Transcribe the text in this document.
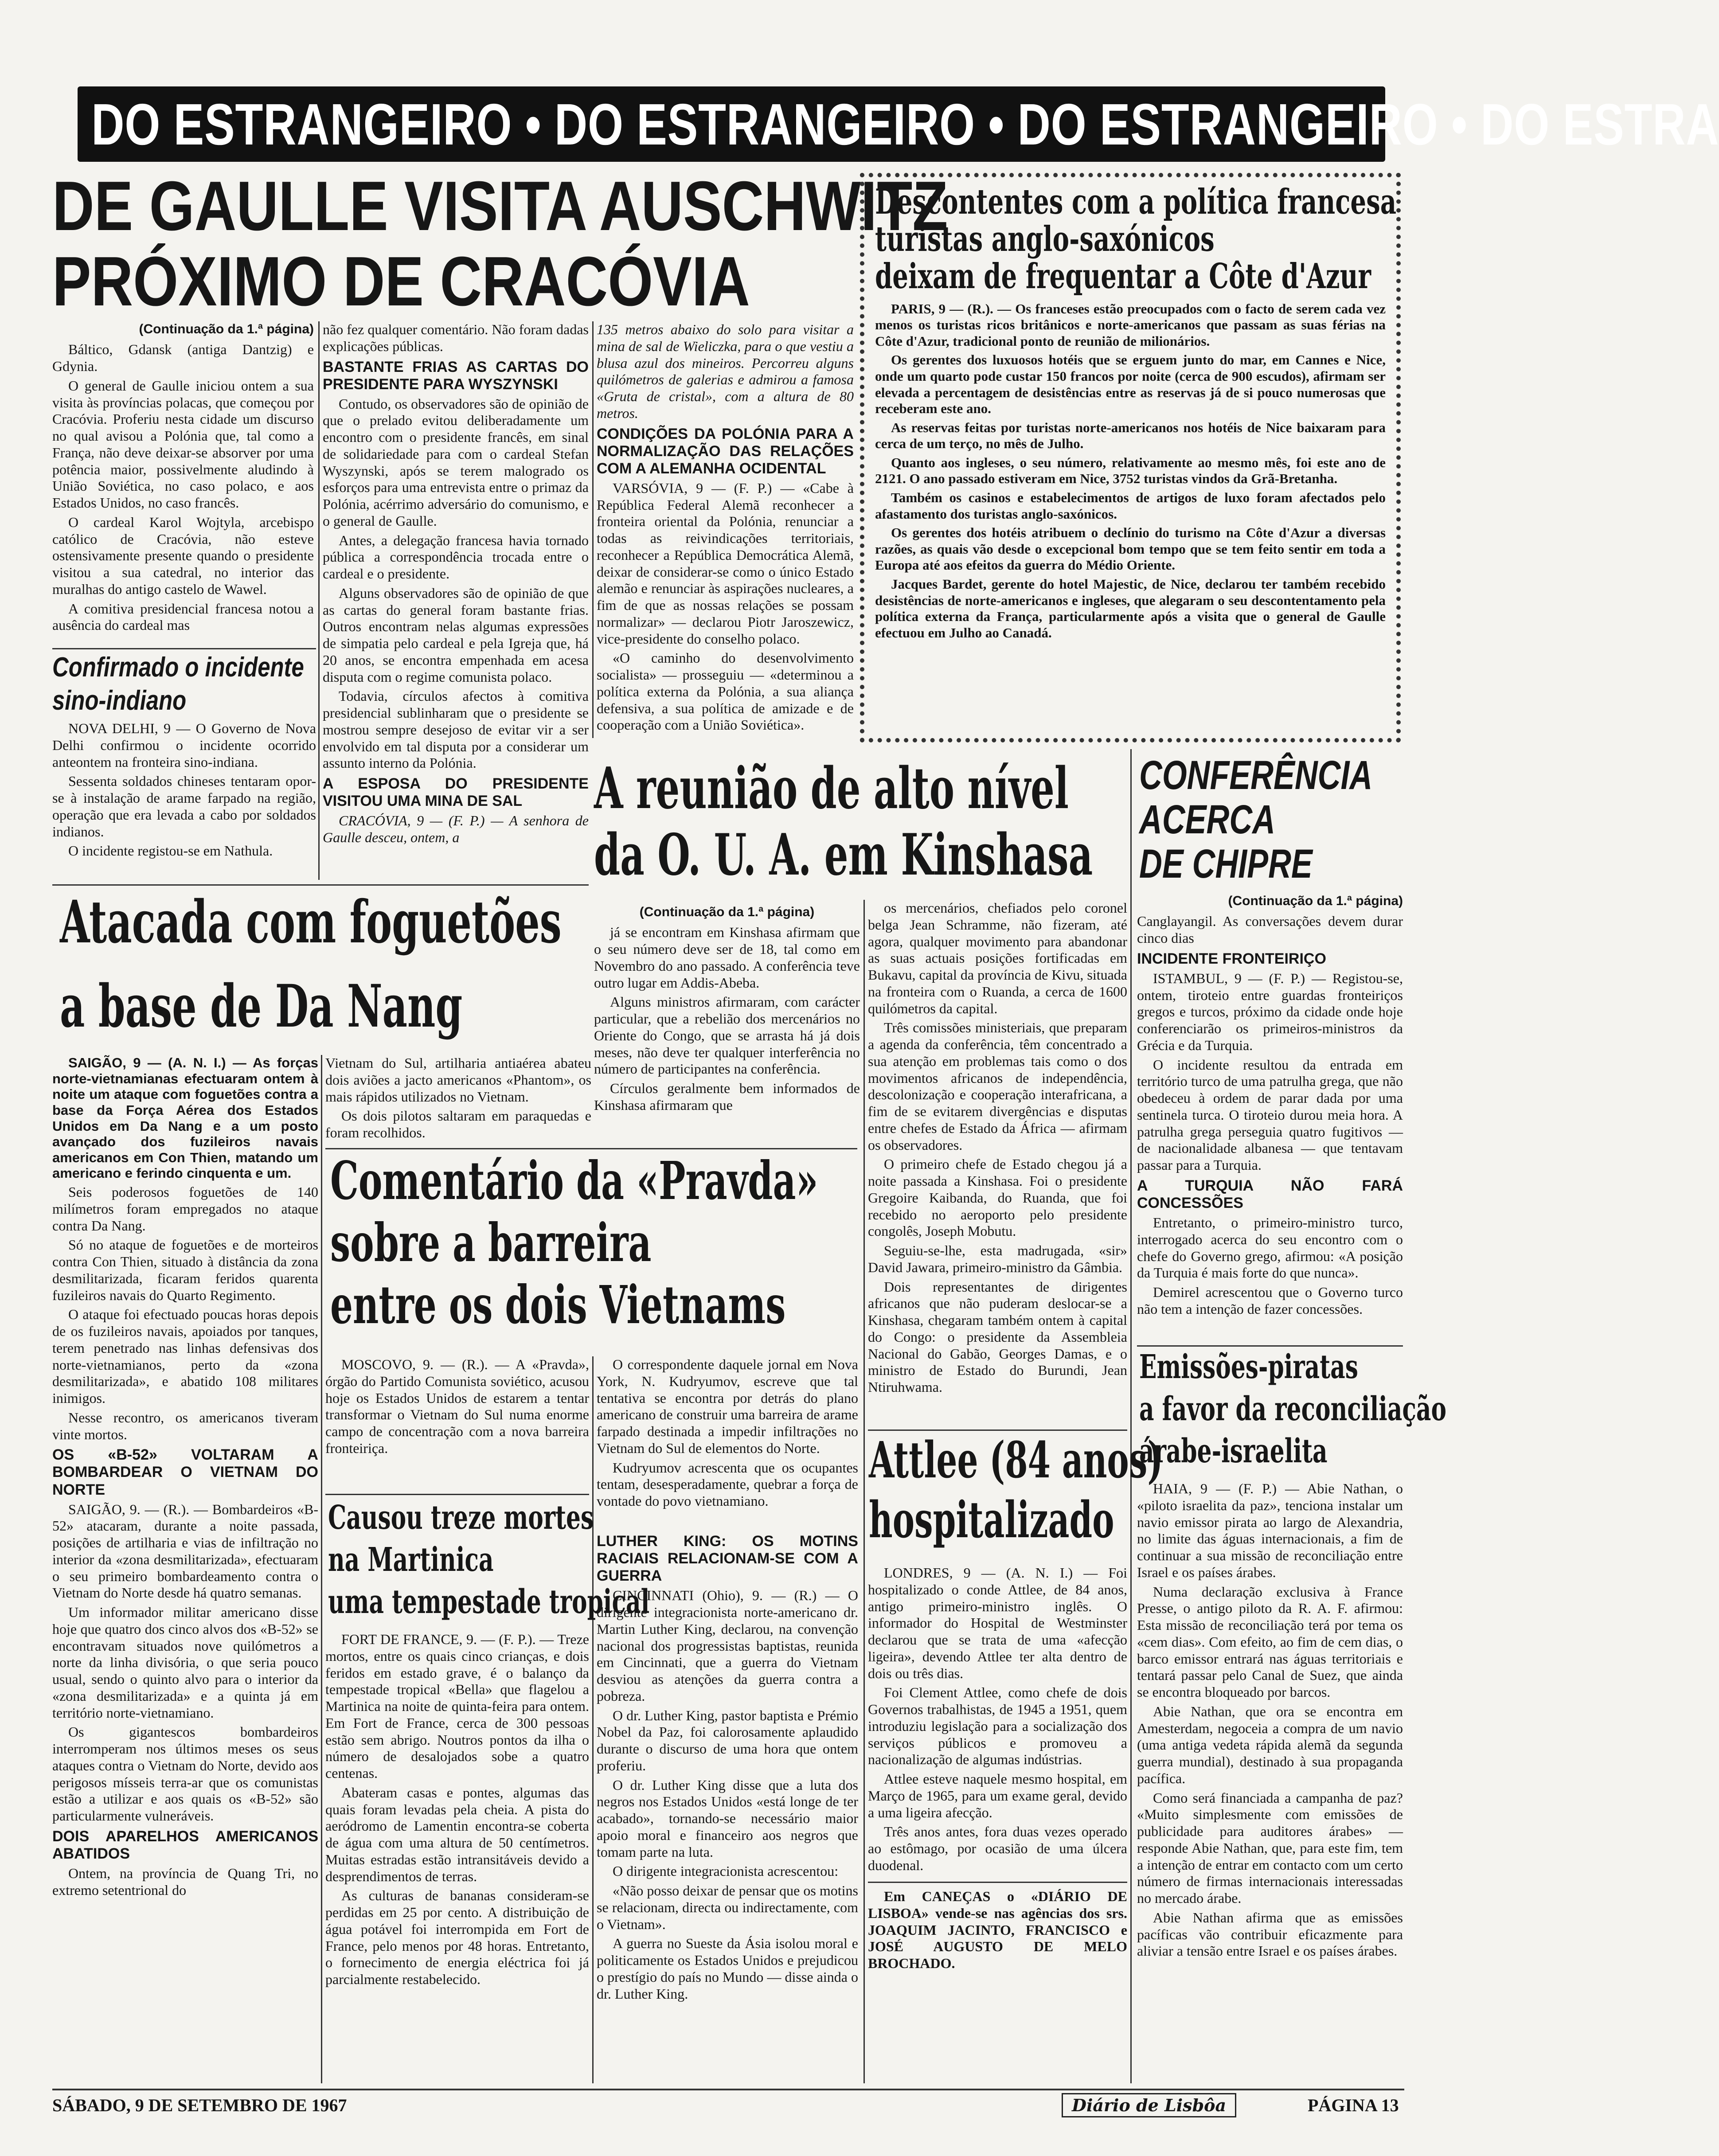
DO ESTRANGEIRO • DO ESTRANGEIRO • DO ESTRANGEIRO • DO ESTRA
DE GAULLE VISITA AUSCHWITZ
PRÓXIMO DE CRACÓVIA
(Continuação da 1.ª página)

Báltico, Gdansk (antiga Dantzig) e Gdynia.

O general de Gaulle iniciou ontem a sua visita às províncias polacas, que começou por Cracóvia. Proferiu nesta cidade um discurso no qual avisou a Polónia que, tal como a França, não deve deixar-se absorver por uma potência maior, possivelmente aludindo à União Soviética, no caso polaco, e aos Estados Unidos, no caso francês.

O cardeal Karol Wojtyla, arcebispo católico de Cracóvia, não esteve ostensivamente presente quando o presidente visitou a sua catedral, no interior das muralhas do antigo castelo de Wawel.

A comitiva presidencial francesa notou a ausência do cardeal mas

não fez qualquer comentário. Não foram dadas explicações públicas.

BASTANTE FRIAS AS CARTAS DO PRESIDENTE PARA WYSZYNSKI

Contudo, os observadores são de opinião de que o prelado evitou deliberadamente um encontro com o presidente francês, em sinal de solidariedade para com o cardeal Stefan Wyszynski, após se terem malogrado os esforços para uma entrevista entre o primaz da Polónia, acérrimo adversário do comunismo, e o general de Gaulle.

Antes, a delegação francesa havia tornado pública a correspondência trocada entre o cardeal e o presidente.

Alguns observadores são de opinião de que as cartas do general foram bastante frias. Outros encontram nelas algumas expressões de simpatia pelo cardeal e pela Igreja que, há 20 anos, se encontra empenhada em acesa disputa com o regime comunista polaco.

Todavia, círculos afectos à comitiva presidencial sublinharam que o presidente se mostrou sempre desejoso de evitar vir a ser envolvido em tal disputa por a considerar um assunto interno da Polónia.

A ESPOSA DO PRESIDENTE VISITOU UMA MINA DE SAL

CRACÓVIA, 9 — (F. P.) — A senhora de Gaulle desceu, ontem, a

135 metros abaixo do solo para visitar a mina de sal de Wieliczka, para o que vestiu a blusa azul dos mineiros. Percorreu alguns quilómetros de galerias e admirou a famosa «Gruta de cristal», com a altura de 80 metros.

CONDIÇÕES DA POLÓNIA PARA A NORMALIZAÇÃO DAS RELAÇÕES COM A ALEMANHA OCIDENTAL

VARSÓVIA, 9 — (F. P.) — «Cabe à República Federal Alemã reconhecer a fronteira oriental da Polónia, renunciar a todas as reivindicações territoriais, reconhecer a República Democrática Alemã, deixar de considerar-se como o único Estado alemão e renunciar às aspirações nucleares, a fim de que as nossas relações se possam normalizar» — declarou Piotr Jaroszewicz, vice-presidente do conselho polaco.

«O caminho do desenvolvimento socialista» — prosseguiu — «determinou a política externa da Polónia, a sua aliança defensiva, a sua política de amizade e de cooperação com a União Soviética».

Confirmado o incidente
sino-indiano

NOVA DELHI, 9 — O Governo de Nova Delhi confirmou o incidente ocorrido anteontem na fronteira sino-indiana.

Sessenta soldados chineses tentaram opor-se à instalação de arame farpado na região, operação que era levada a cabo por soldados indianos.

O incidente registou-se em Nathula.

Descontentes com a política francesa
turistas anglo-saxónicos
deixam de frequentar a Côte d'Azur

PARIS, 9 — (R.). — Os franceses estão preocupados com o facto de serem cada vez menos os turistas ricos britânicos e norte-americanos que passam as suas férias na Côte d'Azur, tradicional ponto de reunião de milionários.

Os gerentes dos luxuosos hotéis que se erguem junto do mar, em Cannes e Nice, onde um quarto pode custar 150 francos por noite (cerca de 900 escudos), afirmam ser elevada a percentagem de desistências entre as reservas já de si pouco numerosas que receberam este ano.

As reservas feitas por turistas norte-americanos nos hotéis de Nice baixaram para cerca de um terço, no mês de Julho.

Quanto aos ingleses, o seu número, relativamente ao mesmo mês, foi este ano de 2121. O ano passado estiveram em Nice, 3752 turistas vindos da Grã-Bretanha.

Também os casinos e estabelecimentos de artigos de luxo foram afectados pelo afastamento dos turistas anglo-saxónicos.

Os gerentes dos hotéis atribuem o declínio do turismo na Côte d'Azur a diversas razões, as quais vão desde o excepcional bom tempo que se tem feito sentir em toda a Europa até aos efeitos da guerra do Médio Oriente.

Jacques Bardet, gerente do hotel Majestic, de Nice, declarou ter também recebido desistências de norte-americanos e ingleses, que alegaram o seu descontentamento pela política externa da França, particularmente após a visita que o general de Gaulle efectuou em Julho ao Canadá.

A reunião de alto nível
da O. U. A. em Kinshasa
(Continuação da 1.ª página)

já se encontram em Kinshasa afirmam que o seu número deve ser de 18, tal como em Novembro do ano passado. A conferência teve outro lugar em Addis-Abeba.

Alguns ministros afirmaram, com carácter particular, que a rebelião dos mercenários no Oriente do Congo, que se arrasta há já dois meses, não deve ter qualquer interferência no número de participantes na conferência.

Círculos geralmente bem informados de Kinshasa afirmaram que

os mercenários, chefiados pelo coronel belga Jean Schramme, não fizeram, até agora, qualquer movimento para abandonar as suas actuais posições fortificadas em Bukavu, capital da província de Kivu, situada na fronteira com o Ruanda, a cerca de 1600 quilómetros da capital.

Três comissões ministeriais, que preparam a agenda da conferência, têm concentrado a sua atenção em problemas tais como o dos movimentos africanos de independência, descolonização e cooperação interafricana, a fim de se evitarem divergências e disputas entre chefes de Estado da África — afirmam os observadores.

O primeiro chefe de Estado chegou já a noite passada a Kinshasa. Foi o presidente Gregoire Kaibanda, do Ruanda, que foi recebido no aeroporto pelo presidente congolês, Joseph Mobutu.

Seguiu-se-lhe, esta madrugada, «sir» David Jawara, primeiro-ministro da Gâmbia.

Dois representantes de dirigentes africanos que não puderam deslocar-se a Kinshasa, chegaram também ontem à capital do Congo: o presidente da Assembleia Nacional do Gabão, Georges Damas, e o ministro de Estado do Burundi, Jean Ntiruhwama.

CONFERÊNCIA
ACERCA
DE CHIPRE
(Continuação da 1.ª página)

Canglayangil. As conversações devem durar cinco dias

INCIDENTE FRONTEIRIÇO

ISTAMBUL, 9 — (F. P.) — Registou-se, ontem, tiroteio entre guardas fronteiriços gregos e turcos, próximo da cidade onde hoje conferenciarão os primeiros-ministros da Grécia e da Turquia.

O incidente resultou da entrada em território turco de uma patrulha grega, que não obedeceu à ordem de parar dada por uma sentinela turca. O tiroteio durou meia hora. A patrulha grega perseguia quatro fugitivos — de nacionalidade albanesa — que tentavam passar para a Turquia.

A TURQUIA NÃO FARÁ CONCESSÕES

Entretanto, o primeiro-ministro turco, interrogado acerca do seu encontro com o chefe do Governo grego, afirmou: «A posição da Turquia é mais forte do que nunca».

Demirel acrescentou que o Governo turco não tem a intenção de fazer concessões.

Atacada com foguetões
a base de Da Nang

SAIGÃO, 9 — (A. N. I.) — As forças norte-vietnamianas efectuaram ontem à noite um ataque com foguetões contra a base da Força Aérea dos Estados Unidos em Da Nang e a um posto avançado dos fuzileiros navais americanos em Con Thien, matando um americano e ferindo cinquenta e um.

Seis poderosos foguetões de 140 milímetros foram empregados no ataque contra Da Nang.

Só no ataque de foguetões e de morteiros contra Con Thien, situado à distância da zona desmilitarizada, ficaram feridos quarenta fuzileiros navais do Quarto Regimento.

O ataque foi efectuado poucas horas depois de os fuzileiros navais, apoiados por tanques, terem penetrado nas linhas defensivas dos norte-vietnamianos, perto da «zona desmilitarizada», e abatido 108 militares inimigos.

Nesse recontro, os americanos tiveram vinte mortos.

OS «B-52» VOLTARAM A BOMBARDEAR O VIETNAM DO NORTE

SAIGÃO, 9. — (R.). — Bombardeiros «B-52» atacaram, durante a noite passada, posições de artilharia e vias de infiltração no interior da «zona desmilitarizada», efectuaram o seu primeiro bombardeamento contra o Vietnam do Norte desde há quatro semanas.

Um informador militar americano disse hoje que quatro dos cinco alvos dos «B-52» se encontravam situados nove quilómetros a norte da linha divisória, o que seria pouco usual, sendo o quinto alvo para o interior da «zona desmilitarizada» e a quinta já em território norte-vietnamiano.

Os gigantescos bombardeiros interromperam nos últimos meses os seus ataques contra o Vietnam do Norte, devido aos perigosos mísseis terra-ar que os comunistas estão a utilizar e aos quais os «B-52» são particularmente vulneráveis.

DOIS APARELHOS AMERICANOS ABATIDOS

Ontem, na província de Quang Tri, no extremo setentrional do

Vietnam do Sul, artilharia antiaérea abateu dois aviões a jacto americanos «Phantom», os mais rápidos utilizados no Vietnam.

Os dois pilotos saltaram em paraquedas e foram recolhidos.

Comentário da «Pravda»
sobre a barreira
entre os dois Vietnams

MOSCOVO, 9. — (R.). — A «Pravda», órgão do Partido Comunista soviético, acusou hoje os Estados Unidos de estarem a tentar transformar o Vietnam do Sul numa enorme campo de concentração com a nova barreira fronteiriça.

O correspondente daquele jornal em Nova York, N. Kudryumov, escreve que tal tentativa se encontra por detrás do plano americano de construir uma barreira de arame farpado destinada a impedir infiltrações no Vietnam do Sul de elementos do Norte.

Kudryumov acrescenta que os ocupantes tentam, desesperadamente, quebrar a força de vontade do povo vietnamiano.

Causou treze mortes
na Martinica
uma tempestade tropical

FORT DE FRANCE, 9. — (F. P.). — Treze mortos, entre os quais cinco crianças, e dois feridos em estado grave, é o balanço da tempestade tropical «Bella» que flagelou a Martinica na noite de quinta-feira para ontem. Em Fort de France, cerca de 300 pessoas estão sem abrigo. Noutros pontos da ilha o número de desalojados sobe a quatro centenas.

Abateram casas e pontes, algumas das quais foram levadas pela cheia. A pista do aeródromo de Lamentin encontra-se coberta de água com uma altura de 50 centímetros. Muitas estradas estão intransitáveis devido a desprendimentos de terras.

As culturas de bananas consideram-se perdidas em 25 por cento. A distribuição de água potável foi interrompida em Fort de France, pelo menos por 48 horas. Entretanto, o fornecimento de energia eléctrica foi já parcialmente restabelecido.

LUTHER KING: OS MOTINS RACIAIS RELACIONAM-SE COM A GUERRA

CINCINNATI (Ohio), 9. — (R.) — O dirigente integracionista norte-americano dr. Martin Luther King, declarou, na convenção nacional dos progressistas baptistas, reunida em Cincinnati, que a guerra do Vietnam desviou as atenções da guerra contra a pobreza.

O dr. Luther King, pastor baptista e Prémio Nobel da Paz, foi calorosamente aplaudido durante o discurso de uma hora que ontem proferiu.

O dr. Luther King disse que a luta dos negros nos Estados Unidos «está longe de ter acabado», tornando-se necessário maior apoio moral e financeiro aos negros que tomam parte na luta.

O dirigente integracionista acrescentou:

«Não posso deixar de pensar que os motins se relacionam, directa ou indirectamente, com o Vietnam».

A guerra no Sueste da Ásia isolou moral e politicamente os Estados Unidos e prejudicou o prestígio do país no Mundo — disse ainda o dr. Luther King.

Attlee (84 anos)
hospitalizado

LONDRES, 9 — (A. N. I.) — Foi hospitalizado o conde Attlee, de 84 anos, antigo primeiro-ministro inglês. O informador do Hospital de Westminster declarou que se trata de uma «afecção ligeira», devendo Attlee ter alta dentro de dois ou três dias.

Foi Clement Attlee, como chefe de dois Governos trabalhistas, de 1945 a 1951, quem introduziu legislação para a socialização dos serviços públicos e promoveu a nacionalização de algumas indústrias.

Attlee esteve naquele mesmo hospital, em Março de 1965, para um exame geral, devido a uma ligeira afecção.

Três anos antes, fora duas vezes operado ao estômago, por ocasião de uma úlcera duodenal.

Em CANEÇAS o «DIÁRIO DE LISBOA» vende-se nas agências dos srs. JOAQUIM JACINTO, FRANCISCO e JOSÉ AUGUSTO DE MELO BROCHADO.

Emissões-piratas
a favor da reconciliação
árabe-israelita

HAIA, 9 — (F. P.) — Abie Nathan, o «piloto israelita da paz», tenciona instalar um navio emissor pirata ao largo de Alexandria, no limite das águas internacionais, a fim de continuar a sua missão de reconciliação entre Israel e os países árabes.

Numa declaração exclusiva à France Presse, o antigo piloto da R. A. F. afirmou: Esta missão de reconciliação terá por tema os «cem dias». Com efeito, ao fim de cem dias, o barco emissor entrará nas águas territoriais e tentará passar pelo Canal de Suez, que ainda se encontra bloqueado por barcos.

Abie Nathan, que ora se encontra em Amesterdam, negoceia a compra de um navio (uma antiga vedeta rápida alemã da segunda guerra mundial), destinado à sua propaganda pacífica.

Como será financiada a campanha de paz? «Muito simplesmente com emissões de publicidade para auditores árabes» — responde Abie Nathan, que, para este fim, tem a intenção de entrar em contacto com um certo número de firmas internacionais interessadas no mercado árabe.

Abie Nathan afirma que as emissões pacíficas vão contribuir eficazmente para aliviar a tensão entre Israel e os países árabes.

SÁBADO, 9 DE SETEMBRO DE 1967	Diário de Lisbôa	PÁGINA 13
